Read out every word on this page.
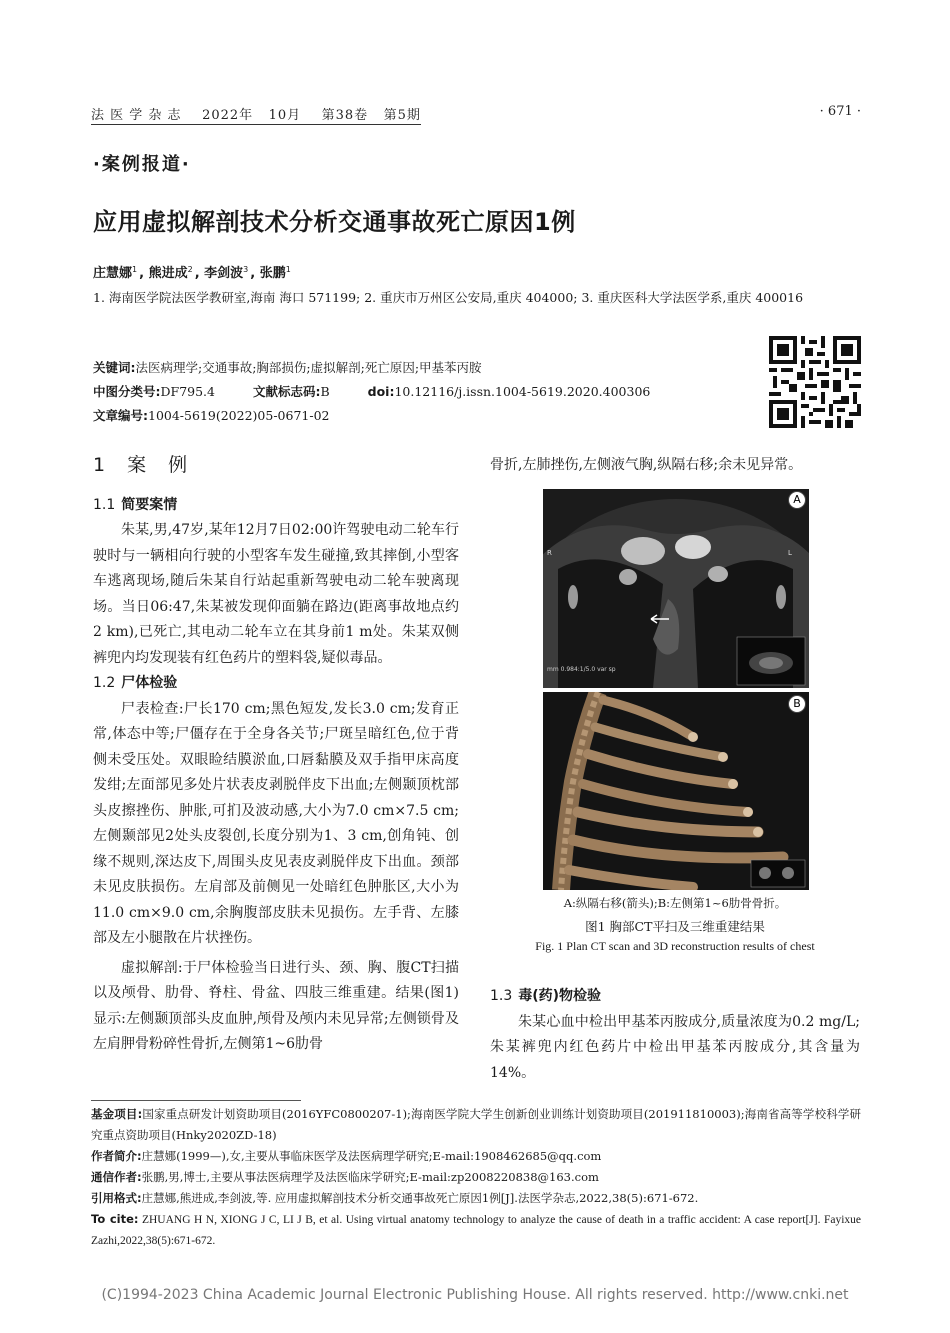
法 医 学 杂 志 2022年 10月 第38卷 第5期	· 671 ·
·案例报道·
应用虚拟解剖技术分析交通事故死亡原因1例
庄慧娜$^1$ , 熊进成$^2$ , 李剑波$^3$ , 张鹏$^1$
1. 海南医学院法医学教研室,海南 海口 571199; 2. 重庆市万州区公安局,重庆 404000; 3. 重庆医科大学法医学系,重庆 400016
关键词:法医病理学;交通事故;胸部损伤;虚拟解剖;死亡原因;甲基苯丙胺
中图分类号:DF795.4	文献标志码:B	doi:10.12116/j.issn.1004-5619.2020.400306
文章编号:1004-5619(2022)05-0671-02
1 案 例
1.1 简要案情

朱某,男,47岁,某年12月7日02:00许驾驶电动二轮车行驶时与一辆相向行驶的小型客车发生碰撞,致其摔倒,小型客车逃离现场,随后朱某自行站起重新驾驶电动二轮车驶离现场。当日06:47,朱某被发现仰面躺在路边(距离事故地点约2 km),已死亡,其电动二轮车立在其身前1 m处。朱某双侧裤兜内均发现装有红色药片的塑料袋,疑似毒品。

1.2 尸体检验

尸表检查:尸长170 cm;黑色短发,发长3.0 cm;发育正常,体态中等;尸僵存在于全身各关节;尸斑呈暗红色,位于背侧未受压处。双眼睑结膜淤血,口唇黏膜及双手指甲床高度发绀;左面部见多处片状表皮剥脱伴皮下出血;左侧颞顶枕部头皮擦挫伤、肿胀,可扪及波动感,大小为7.0 cm×7.5 cm;左侧颞部见2处头皮裂创,长度分别为1、3 cm,创角钝、创缘不规则,深达皮下,周围头皮见表皮剥脱伴皮下出血。颈部未见皮肤损伤。左肩部及前侧见一处暗红色肿胀区,大小为11.0 cm×9.0 cm,余胸腹部皮肤未见损伤。左手背、左膝部及左小腿散在片状挫伤。

虚拟解剖:于尸体检验当日进行头、颈、胸、腹CT扫描以及颅骨、肋骨、脊柱、骨盆、四肢三维重建。结果(图1)显示:左侧颞顶部头皮血肿,颅骨及颅内未见异常;左侧锁骨及左肩胛骨粉碎性骨折,左侧第1~6肋骨

骨折,左肺挫伤,左侧液气胸,纵隔右移;余未见异常。
R	L
mm 0.984:1/5.0 var sp
A
B
A:纵隔右移(箭头);B:左侧第1~6肋骨骨折。
图1 胸部CT平扫及三维重建结果
Fig. 1 Plan CT scan and 3D reconstruction results of chest
1.3 毒(药)物检验

朱某心血中检出甲基苯丙胺成分,质量浓度为0.2 mg/L;朱某裤兜内红色药片中检出甲基苯丙胺成分,其含量为14%。

基金项目:国家重点研发计划资助项目(2016YFC0800207-1);海南医学院大学生创新创业训练计划资助项目(201911810003);海南省高等学校科学研究重点资助项目(Hnky2020ZD-18)
作者简介:庄慧娜(1999—),女,主要从事临床医学及法医病理学研究;E-mail:1908462685@qq.com
通信作者:张鹏,男,博士,主要从事法医病理学及法医临床学研究;E-mail:zp2008220838@163.com
引用格式:庄慧娜,熊进成,李剑波,等. 应用虚拟解剖技术分析交通事故死亡原因1例[J].法医学杂志,2022,38(5):671-672.
To cite: ZHUANG H N, XIONG J C, LI J B, et al. Using virtual anatomy technology to analyze the cause of death in a traffic accident: A case report[J]. Fayixue Zazhi,2022,38(5):671-672.
(C)1994-2023 China Academic Journal Electronic Publishing House. All rights reserved. http://www.cnki.net
